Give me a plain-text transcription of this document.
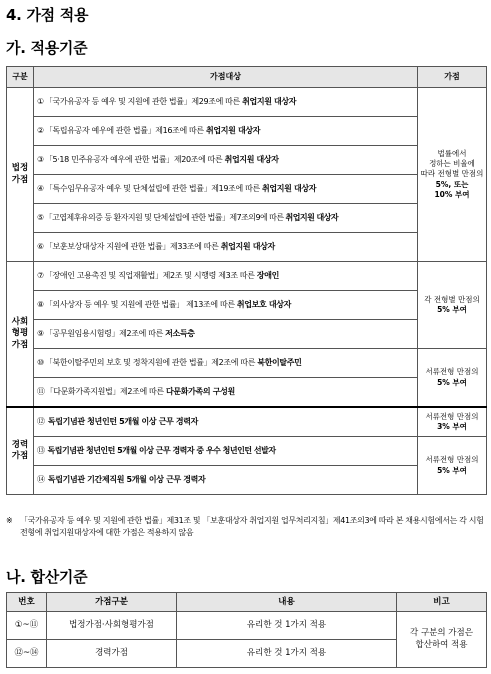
4. 가점 적용
가. 적용기준
구분	가점대상	가점
법정 가점	①「국가유공자 등 예우 및 지원에 관한 법률」제29조에 따른 취업지원 대상자	법률에서
정하는 비율에
따라 전형별 만점의
5%, 또는
10% 부여

	②「독립유공자 예우에 관한 법률」제16조에 따른 취업지원 대상자	
	③「5·18 민주유공자 예우에 관한 법률」제20조에 따른 취업지원 대상자	
	④「특수임무유공자 예우 및 단체설립에 관한 법률」제19조에 따른 취업지원 대상자	
	⑤「고엽제후유의증 등 환자지원 및 단체설립에 관한 법률」제7조의9에 따른 취업지원 대상자	
	⑥「보훈보상대상자 지원에 관한 법률」제33조에 따른 취업지원 대상자	
사회 형평 가점	⑦「장애인 고용촉진 및 직업재활법」제2조 및 시행령 제3조 따른 장애인	각 전형별 만점의
5% 부여

	⑧「의사상자 등 예우 및 지원에 관한 법률」 제13조에 따른 취업보호 대상자	
	⑨「공무원임용시험령」제2조에 따른 저소득층	
	⑩「북한이탈주민의 보호 및 정착지원에 관한 법률」제2조에 따른 북한이탈주민	서류전형 만점의
5% 부여

	⑪「다문화가족지원법」제2조에 따른 다문화가족의 구성원	
경력 가점	⑫ 독립기념관 청년인턴 5개월 이상 근무 경력자	서류전형 만점의
3% 부여

	⑬ 독립기념관 청년인턴 5개월 이상 근무 경력자 중 우수 청년인턴 선발자	서류전형 만점의
5% 부여

	⑭ 독립기념관 기간제직원 5개월 이상 근무 경력자	
※ 「국가유공자 등 예우 및 지원에 관한 법률」제31조 및 「보훈대상자 취업지원 업무처리지침」제41조의3에 따라 본 채용시험에서는 각 시험전형에 취업지원대상자에 대한 가점은 적용하지 않음
나. 합산기준
번호	가점구분	내용	비고
①~⑪	법정가점·사회형평가점	유리한 것 1가지 적용	각 구분의 가점은
합산하여 적용

⑫~⑭	경력가점	유리한 것 1가지 적용	
